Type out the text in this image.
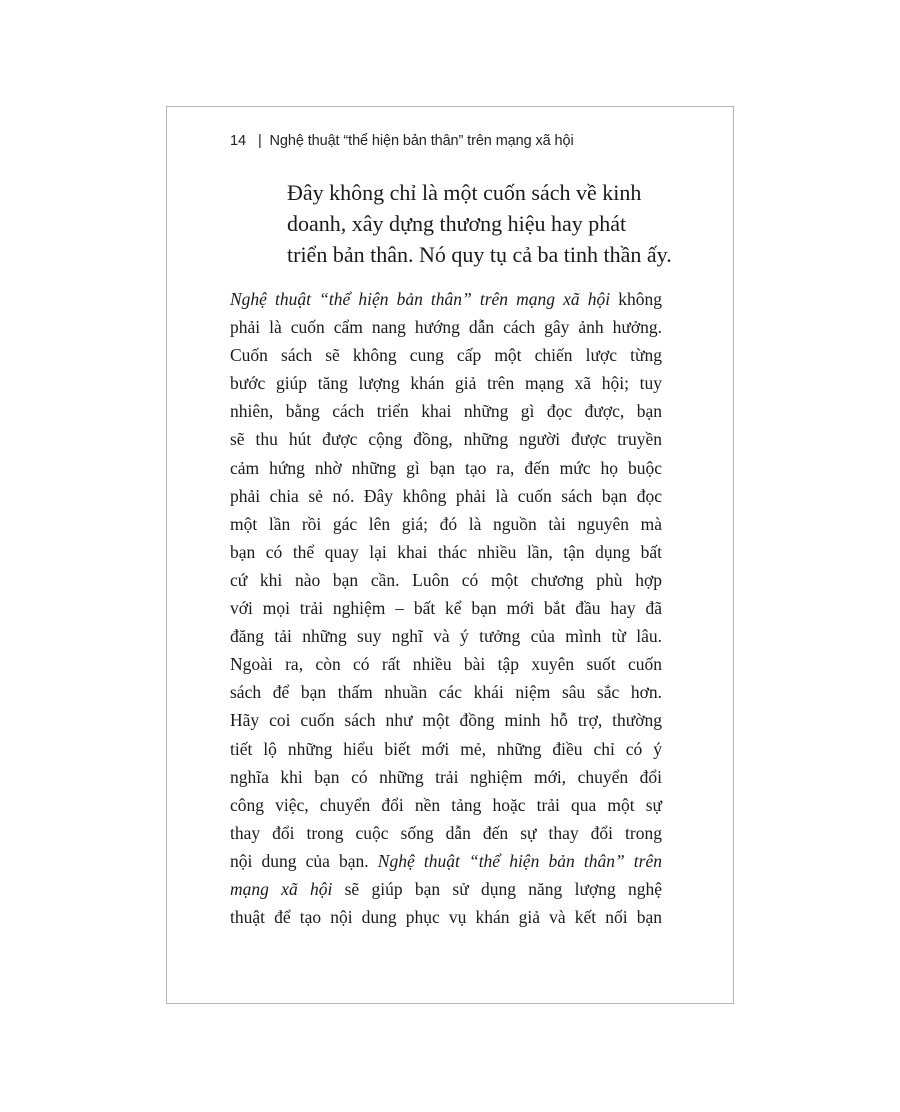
14 | Nghệ thuật “thể hiện bản thân” trên mạng xã hội
Đây không chỉ là một cuốn sách về kinh
doanh, xây dựng thương hiệu hay phát
triển bản thân. Nó quy tụ cả ba tinh thần ấy.
Nghệ thuật “thể hiện bản thân” trên mạng xã hội không
phải là cuốn cẩm nang hướng dẫn cách gây ảnh hưởng.
Cuốn sách sẽ không cung cấp một chiến lược từng
bước giúp tăng lượng khán giả trên mạng xã hội; tuy
nhiên, bằng cách triển khai những gì đọc được, bạn
sẽ thu hút được cộng đồng, những người được truyền
cảm hứng nhờ những gì bạn tạo ra, đến mức họ buộc
phải chia sẻ nó. Đây không phải là cuốn sách bạn đọc
một lần rồi gác lên giá; đó là nguồn tài nguyên mà
bạn có thể quay lại khai thác nhiều lần, tận dụng bất
cứ khi nào bạn cần. Luôn có một chương phù hợp
với mọi trải nghiệm – bất kể bạn mới bắt đầu hay đã
đăng tải những suy nghĩ và ý tưởng của mình từ lâu.
Ngoài ra, còn có rất nhiều bài tập xuyên suốt cuốn
sách để bạn thấm nhuần các khái niệm sâu sắc hơn.
Hãy coi cuốn sách như một đồng minh hỗ trợ, thường
tiết lộ những hiểu biết mới mẻ, những điều chỉ có ý
nghĩa khi bạn có những trải nghiệm mới, chuyển đổi
công việc, chuyển đổi nền tảng hoặc trải qua một sự
thay đổi trong cuộc sống dẫn đến sự thay đổi trong
nội dung của bạn. Nghệ thuật “thể hiện bản thân” trên
mạng xã hội sẽ giúp bạn sử dụng năng lượng nghệ
thuật để tạo nội dung phục vụ khán giả và kết nối bạn
